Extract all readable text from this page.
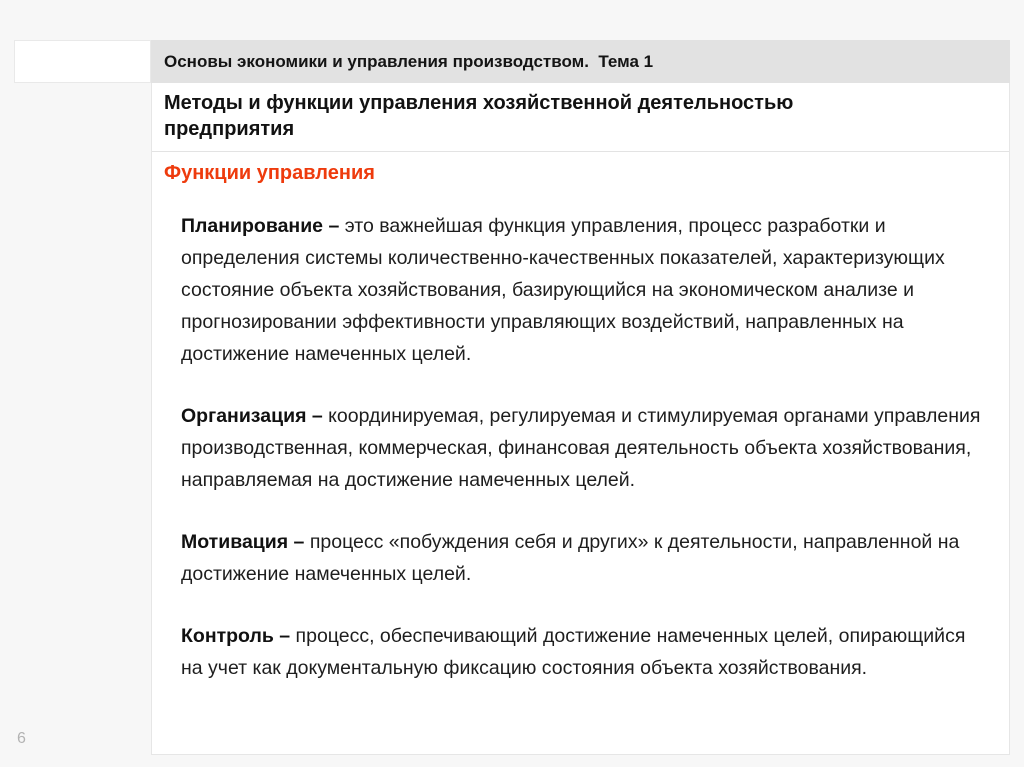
Основы экономики и управления производством.  Тема 1
Методы и функции управления хозяйственной деятельностью предприятия
Функции управления

Планирование – это важнейшая функция управления, процесс разработки и определения системы количественно-качественных показателей, характеризующих состояние объекта хозяйствования, базирующийся на экономическом анализе и прогнозировании эффективности управляющих воздействий, направленных на достижение намеченных целей.

Организация – координируемая, регулируемая и стимулируемая органами управления производственная, коммерческая, финансовая деятельность объекта хозяйствования, направляемая на достижение намеченных целей.

Мотивация – процесс «побуждения себя и других» к деятельности, направленной на достижение намеченных целей.

Контроль – процесс, обеспечивающий достижение намеченных целей, опирающийся на учет как документальную фиксацию состояния объекта хозяйствования.

6
